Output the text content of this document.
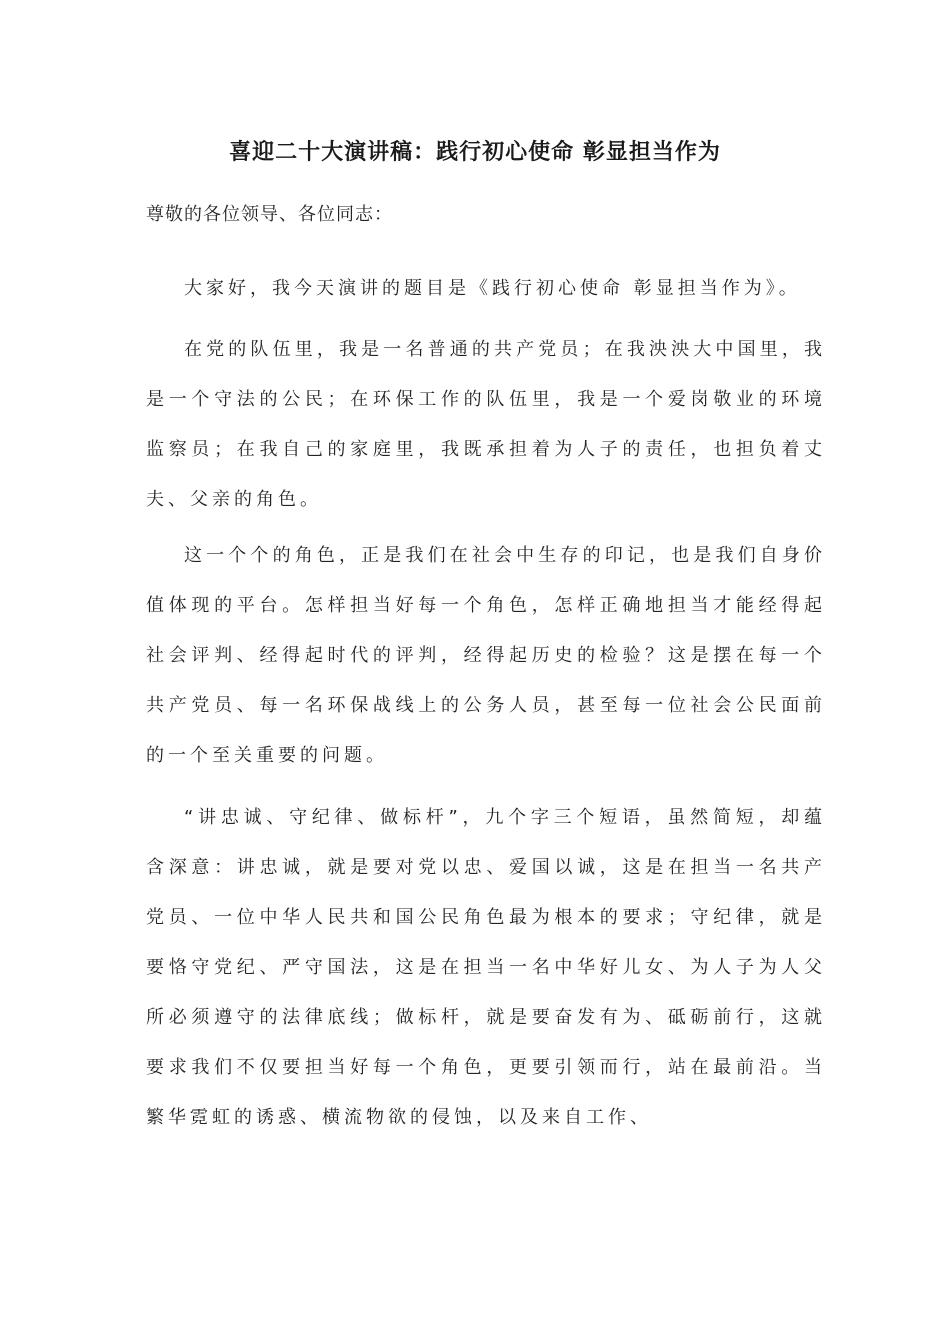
喜迎二十大演讲稿：践行初心使命 彰显担当作为
尊敬的各位领导、各位同志：
大家好，我今天演讲的题目是《践行初心使命 彰显担当作为》。
在党的队伍里，我是一名普通的共产党员；在我泱泱大中国里，我是一个守法的公民；在环保工作的队伍里，我是一个爱岗敬业的环境监察员；在我自己的家庭里，我既承担着为人子的责任，也担负着丈夫、父亲的角色。
这一个个的角色，正是我们在社会中生存的印记，也是我们自身价值体现的平台。怎样担当好每一个角色，怎样正确地担当才能经得起社会评判、经得起时代的评判，经得起历史的检验？这是摆在每一个共产党员、每一名环保战线上的公务人员，甚至每一位社会公民面前的一个至关重要的问题。
“讲忠诚、守纪律、做标杆”，九个字三个短语，虽然简短，却蕴含深意：讲忠诚，就是要对党以忠、爱国以诚，这是在担当一名共产党员、一位中华人民共和国公民角色最为根本的要求；守纪律，就是要恪守党纪、严守国法，这是在担当一名中华好儿女、为人子为人父所必须遵守的法律底线；做标杆，就是要奋发有为、砥砺前行，这就要求我们不仅要担当好每一个角色，更要引领而行，站在最前沿。当繁华霓虹的诱惑、横流物欲的侵蚀，以及来自工作、
